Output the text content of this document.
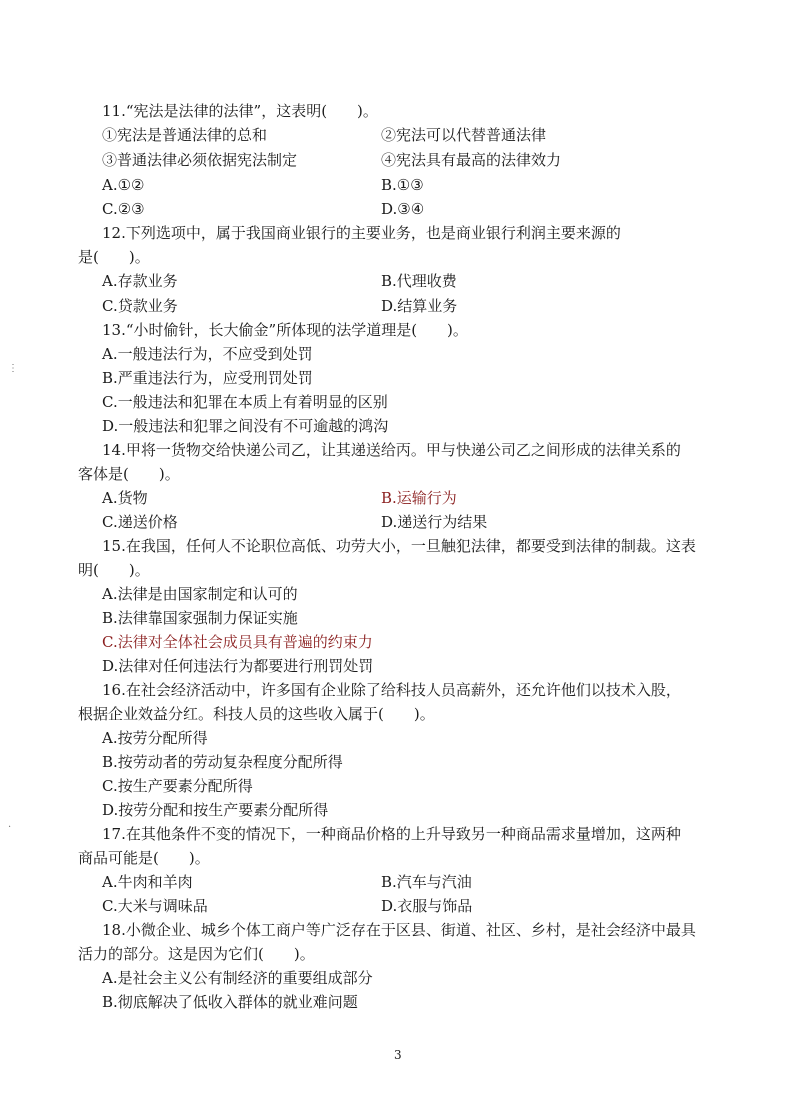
11.“宪法是法律的法律”，这表明(　　)。
①宪法是普通法律的总和	②宪法可以代替普通法律
③普通法律必须依据宪法制定	④宪法具有最高的法律效力
A.①②	B.①③
C.②③	D.③④
12.下列选项中，属于我国商业银行的主要业务，也是商业银行利润主要来源的
是(　　)。
A.存款业务	B.代理收费
C.贷款业务	D.结算业务
13.“小时偷针，长大偷金”所体现的法学道理是(　　)。
A.一般违法行为，不应受到处罚
B.严重违法行为，应受刑罚处罚
C.一般违法和犯罪在本质上有着明显的区别
D.一般违法和犯罪之间没有不可逾越的鸿沟
14.甲将一货物交给快递公司乙，让其递送给丙。甲与快递公司乙之间形成的法律关系的
客体是(　　)。
A.货物	B.运输行为
C.递送价格	D.递送行为结果
15.在我国，任何人不论职位高低、功劳大小，一旦触犯法律，都要受到法律的制裁。这表
明(　　)。
A.法律是由国家制定和认可的
B.法律靠国家强制力保证实施
C.法律对全体社会成员具有普遍的约束力
D.法律对任何违法行为都要进行刑罚处罚
16.在社会经济活动中，许多国有企业除了给科技人员高薪外，还允许他们以技术入股，
根据企业效益分红。科技人员的这些收入属于(　　)。
A.按劳分配所得
B.按劳动者的劳动复杂程度分配所得
C.按生产要素分配所得
D.按劳分配和按生产要素分配所得
17.在其他条件不变的情况下，一种商品价格的上升导致另一种商品需求量增加，这两种
商品可能是(　　)。
A.牛肉和羊肉	B.汽车与汽油
C.大米与调味品	D.衣服与饰品
18.小微企业、城乡个体工商户等广泛存在于区县、街道、社区、乡村，是社会经济中最具
活力的部分。这是因为它们(　　)。
A.是社会主义公有制经济的重要组成部分
B.彻底解决了低收入群体的就业难问题
⋮
·
3
